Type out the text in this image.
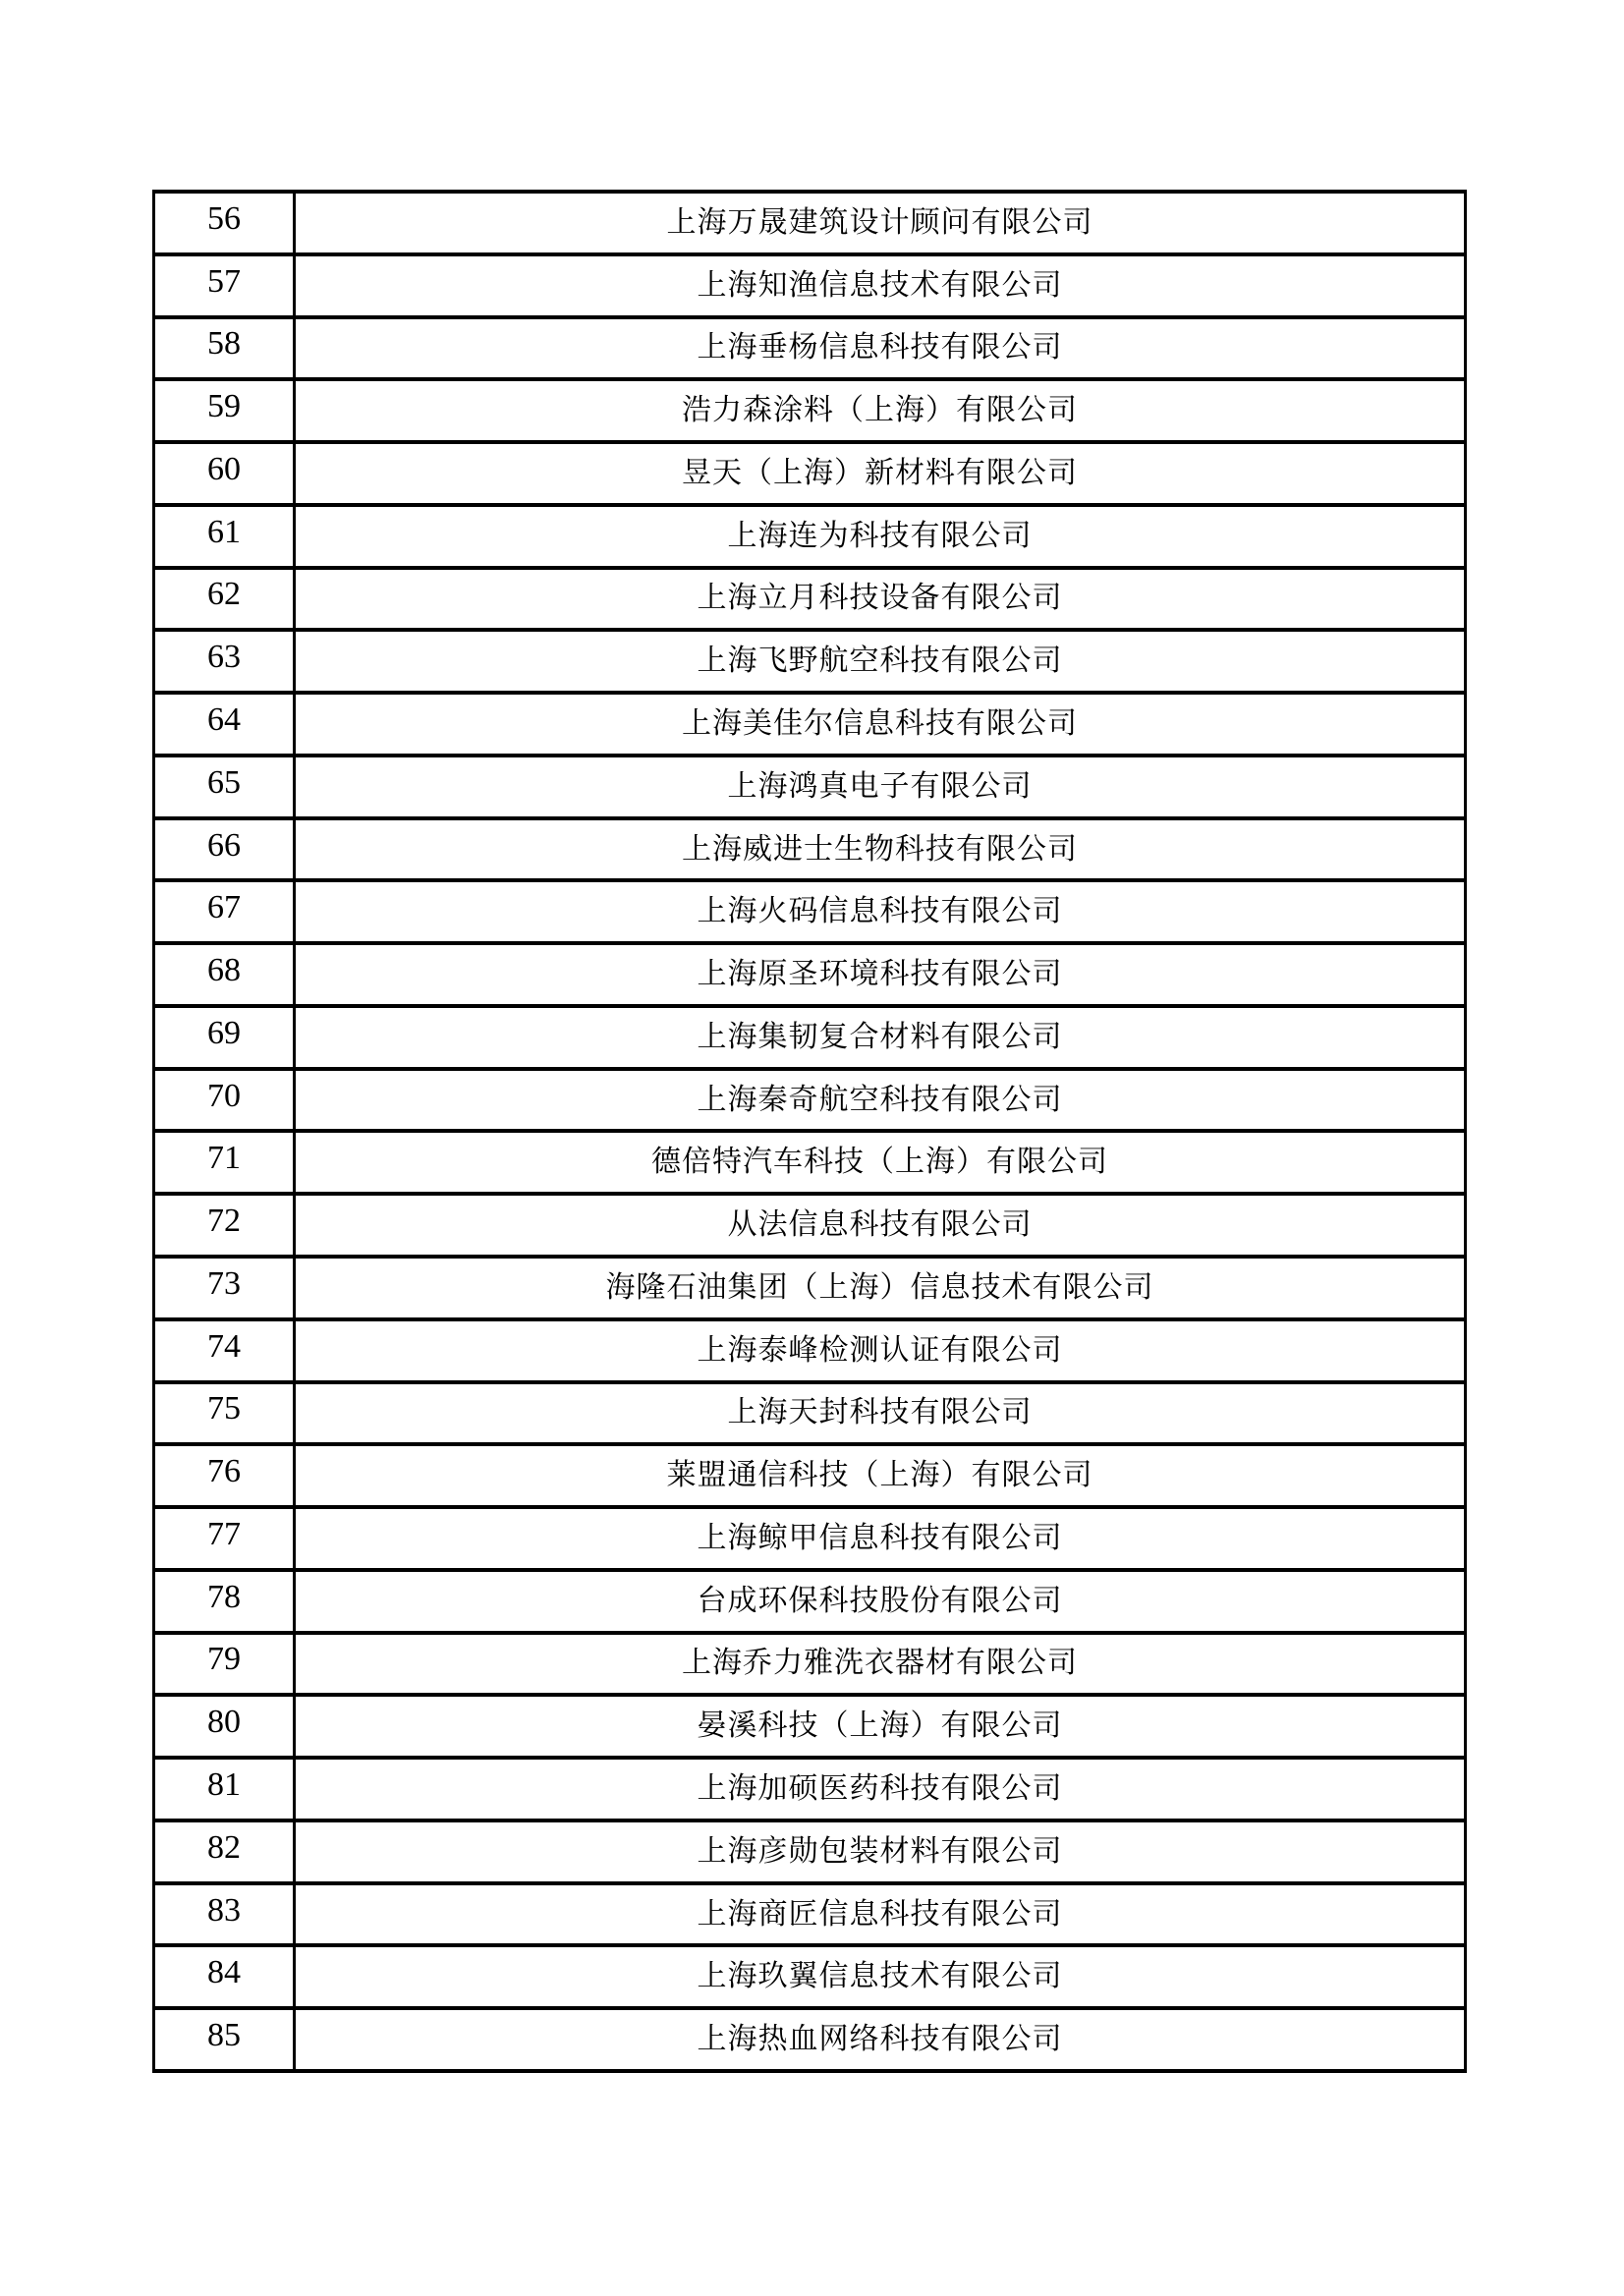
56	上海万晟建筑设计顾问有限公司
57	上海知渔信息技术有限公司
58	上海垂杨信息科技有限公司
59	浩力森涂料（上海）有限公司
60	昱天（上海）新材料有限公司
61	上海连为科技有限公司
62	上海立月科技设备有限公司
63	上海飞野航空科技有限公司
64	上海美佳尔信息科技有限公司
65	上海鸿真电子有限公司
66	上海威进士生物科技有限公司
67	上海火码信息科技有限公司
68	上海原圣环境科技有限公司
69	上海集韧复合材料有限公司
70	上海秦奇航空科技有限公司
71	德倍特汽车科技（上海）有限公司
72	从法信息科技有限公司
73	海隆石油集团（上海）信息技术有限公司
74	上海泰峰检测认证有限公司
75	上海天封科技有限公司
76	莱盟通信科技（上海）有限公司
77	上海鲸甲信息科技有限公司
78	台成环保科技股份有限公司
79	上海乔力雅洗衣器材有限公司
80	晏溪科技（上海）有限公司
81	上海加硕医药科技有限公司
82	上海彦勋包装材料有限公司
83	上海商匠信息科技有限公司
84	上海玖翼信息技术有限公司
85	上海热血网络科技有限公司
